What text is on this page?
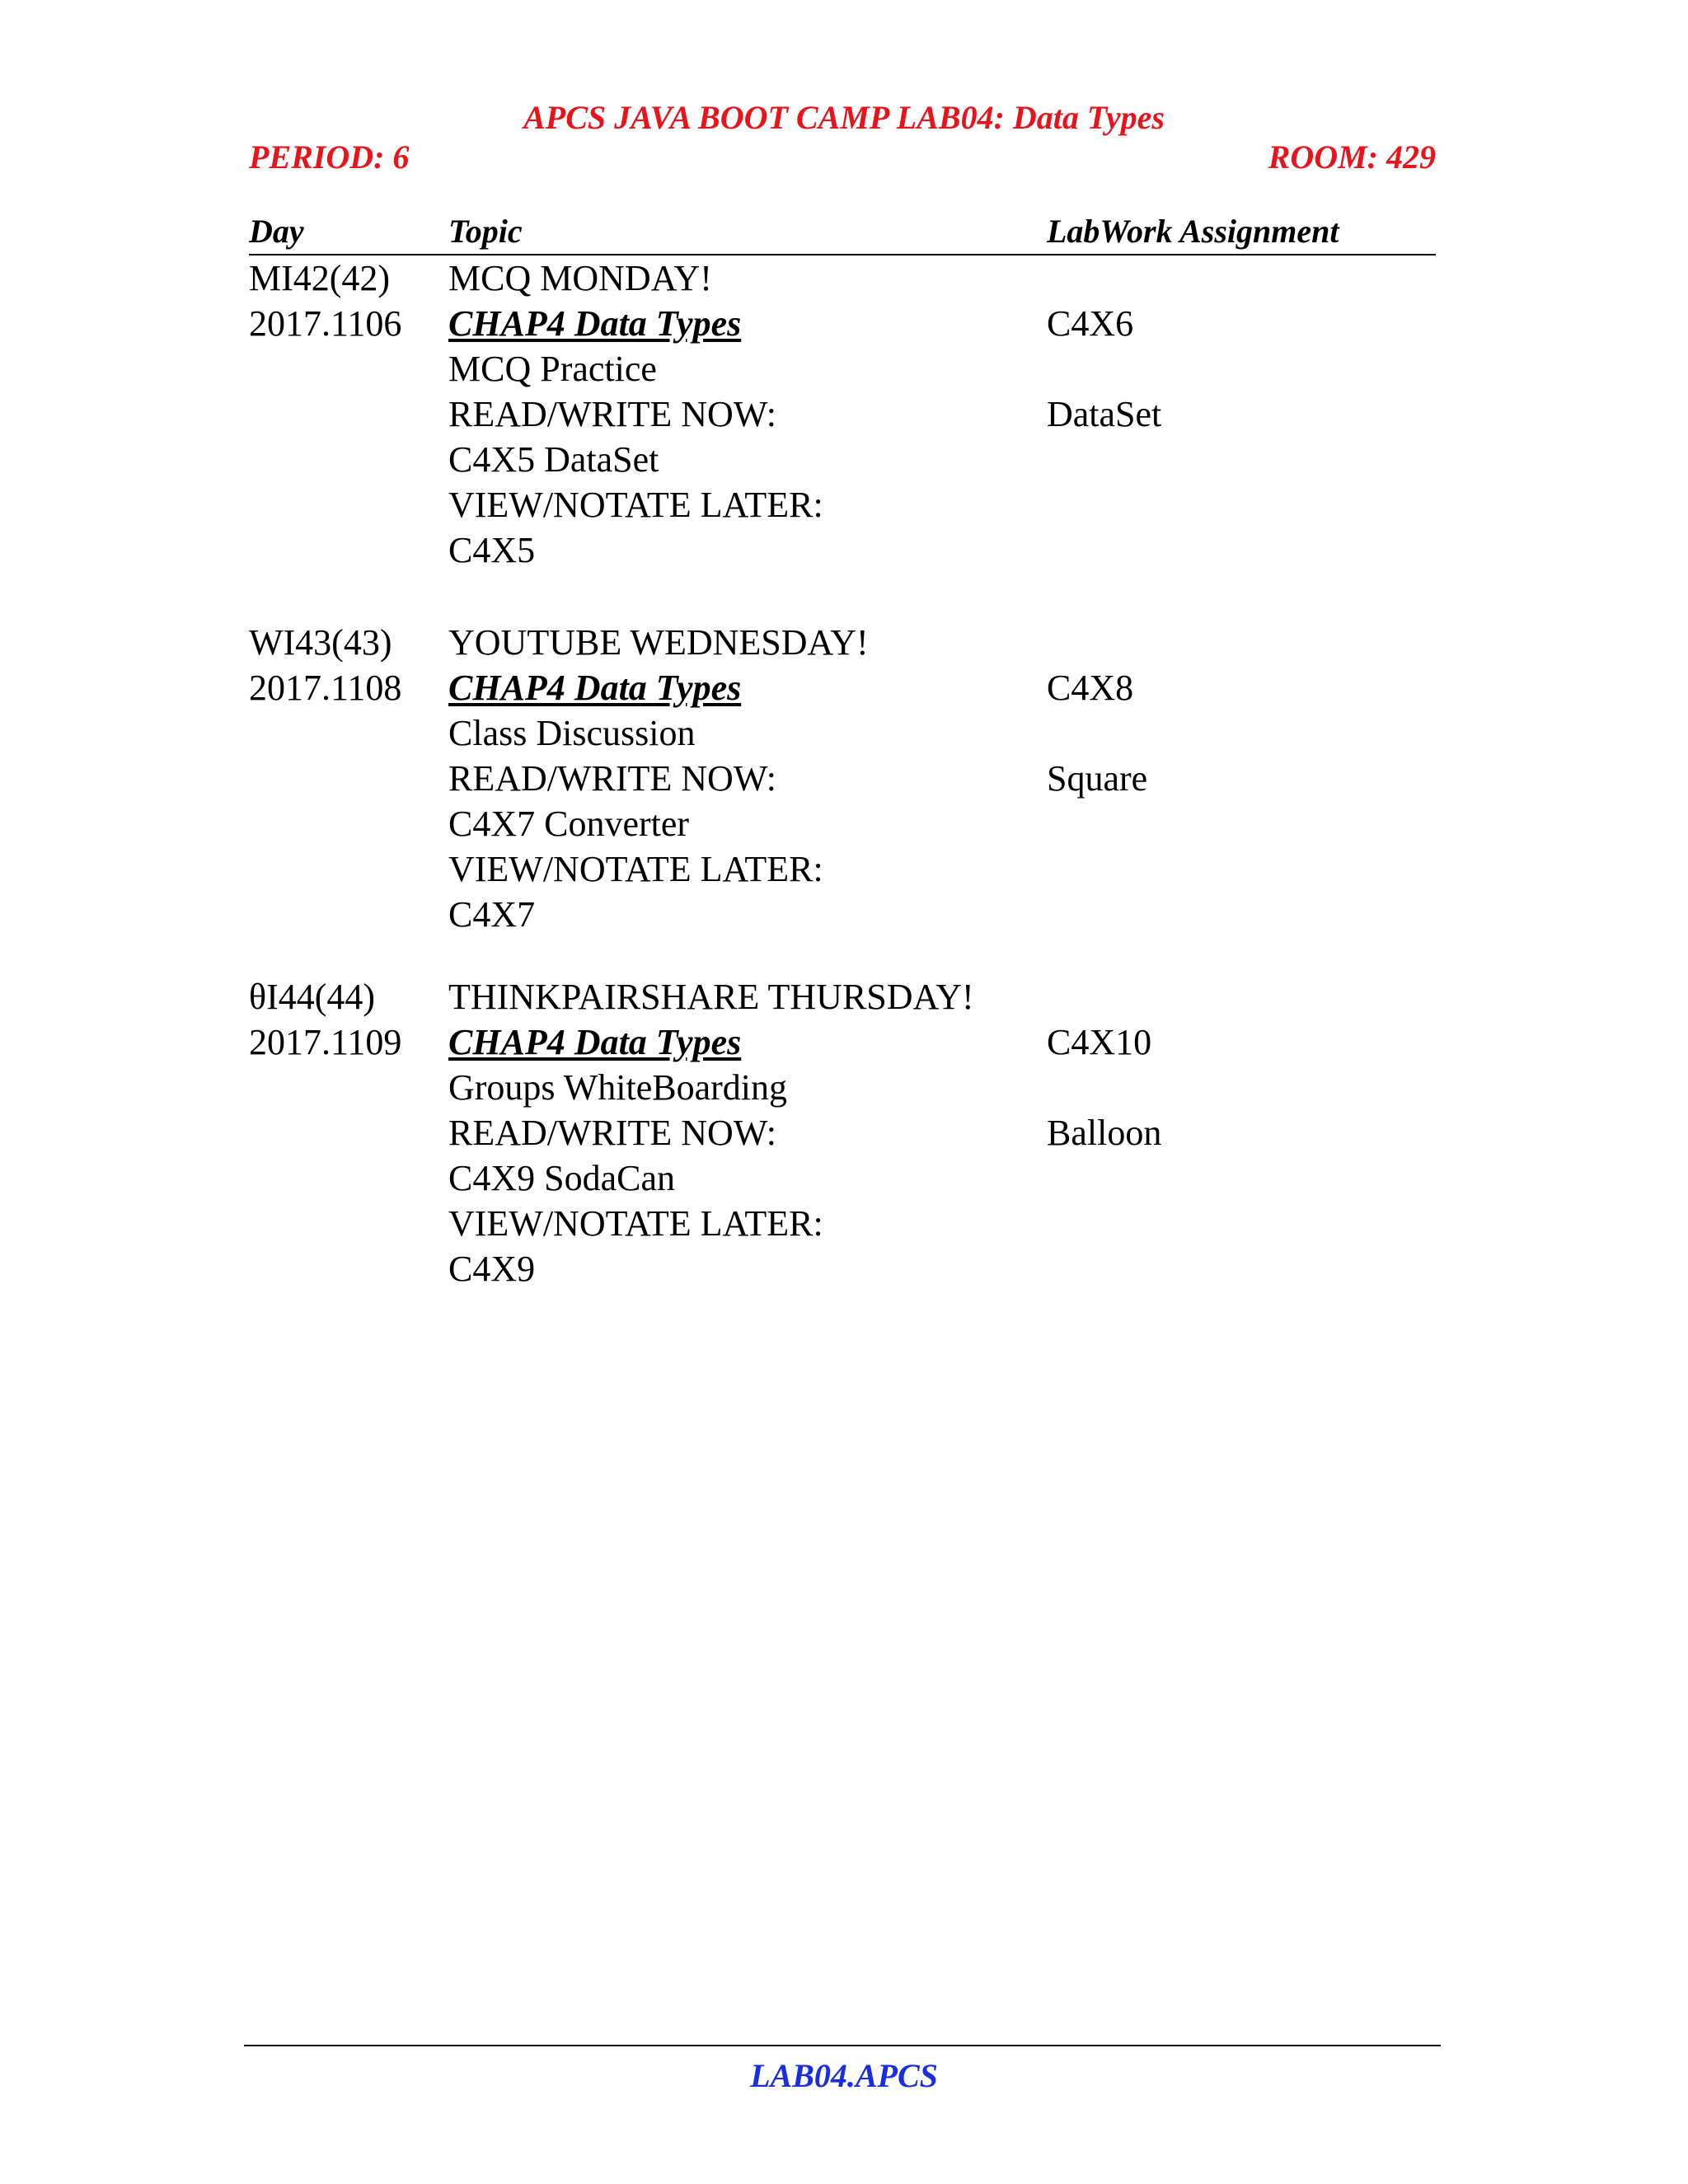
APCS JAVA BOOT CAMP LAB04: Data Types
PERIOD: 6	ROOM: 429
Day	Topic	LabWork Assignment
MI42(42) MCQ MONDAY!
2017.1106 CHAP4 Data Types	C4X6
MCQ Practice
READ/WRITE NOW:	DataSet
C4X5 DataSet
VIEW/NOTATE LATER:
C4X5
WI43(43) YOUTUBE WEDNESDAY!
2017.1108 CHAP4 Data Types	C4X8
Class Discussion
READ/WRITE NOW:	Square
C4X7 Converter
VIEW/NOTATE LATER:
C4X7
θI44(44) THINKPAIRSHARE THURSDAY!
2017.1109 CHAP4 Data Types	C4X10
Groups WhiteBoarding
READ/WRITE NOW:	Balloon
C4X9 SodaCan
VIEW/NOTATE LATER:
C4X9
LAB04.APCS
